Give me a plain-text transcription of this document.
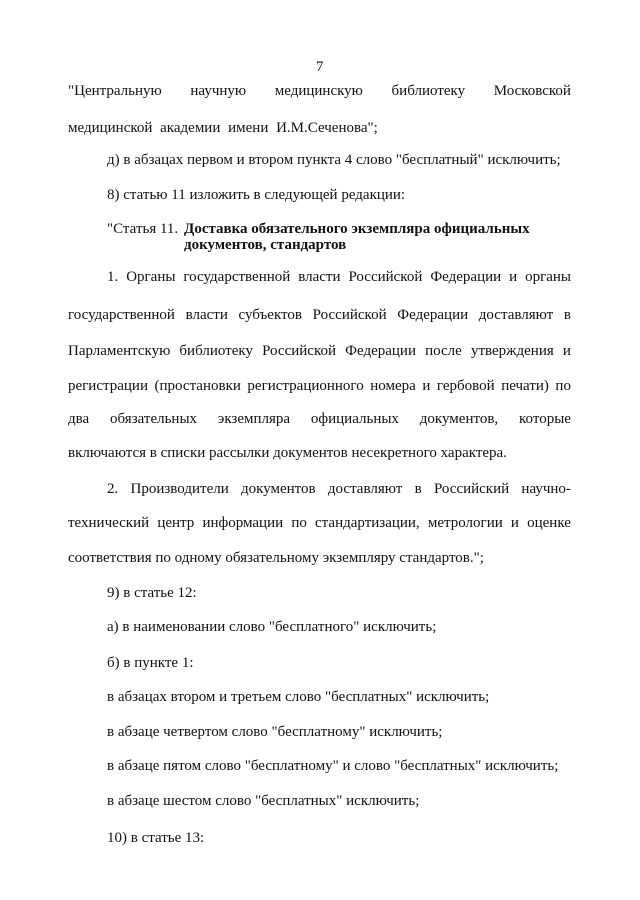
7
"Центральную научную медицинскую библиотеку Московской
медицинской академии имени И.М.Сеченова";
д) в абзацах первом и втором пункта 4 слово "бесплатный" исключить;
8) статью 11 изложить в следующей редакции:
"Статья 11. Доставка обязательного экземпляра официальных
документов, стандартов
1. Органы государственной власти Российской Федерации и органы
государственной власти субъектов Российской Федерации доставляют в
Парламентскую библиотеку Российской Федерации после утверждения и
регистрации (простановки регистрационного номера и гербовой печати) по
два обязательных экземпляра официальных документов, которые
включаются в списки рассылки документов несекретного характера.
2. Производители документов доставляют в Российский научно-
технический центр информации по стандартизации, метрологии и оценке
соответствия по одному обязательному экземпляру стандартов.";
9) в статье 12:
а) в наименовании слово "бесплатного" исключить;
б) в пункте 1:
в абзацах втором и третьем слово "бесплатных" исключить;
в абзаце четвертом слово "бесплатному" исключить;
в абзаце пятом слово "бесплатному" и слово "бесплатных" исключить;
в абзаце шестом слово "бесплатных" исключить;
10) в статье 13:
